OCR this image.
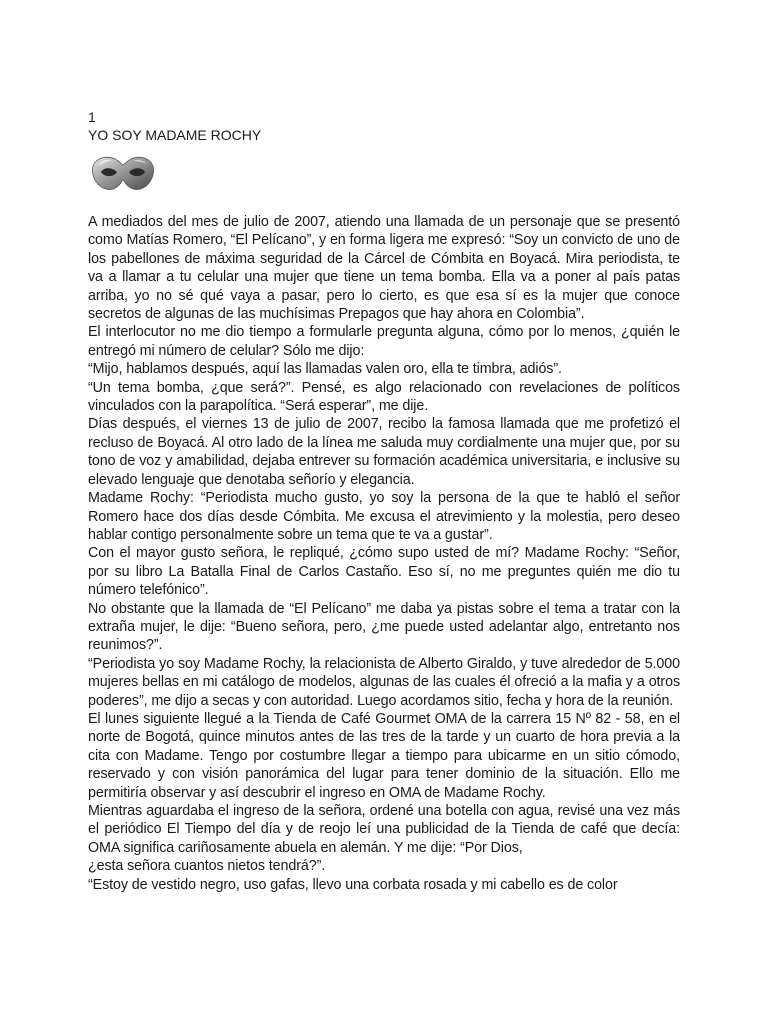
1
YO SOY MADAME ROCHY

A mediados del mes de julio de 2007, atiendo una llamada de un personaje que se presentó como Matías Romero, “El Pelícano”, y en forma ligera me expresó: “Soy un convicto de uno de los pabellones de máxima seguridad de la Cárcel de Cómbita en Boyacá. Mira periodista, te va a llamar a tu celular una mujer que tiene un tema bomba. Ella va a poner al país patas arriba, yo no sé qué vaya a pasar, pero lo cierto, es que esa sí es la mujer que conoce secretos de algunas de las muchísimas Prepagos que hay ahora en Colombia”.

El interlocutor no me dio tiempo a formularle pregunta alguna, cómo por lo menos, ¿quién le entregó mi número de celular? Sólo me dijo:

“Mijo, hablamos después, aquí las llamadas valen oro, ella te timbra, adiós”.

“Un tema bomba, ¿que será?”. Pensé, es algo relacionado con revelaciones de políticos vinculados con la parapolítica. “Será esperar”, me dije.

Días después, el viernes 13 de julio de 2007, recibo la famosa llamada que me profetizó el recluso de Boyacá. Al otro lado de la línea me saluda muy cordialmente una mujer que, por su tono de voz y amabilidad, dejaba entrever su formación académica universitaria, e inclusive su elevado lenguaje que denotaba señorío y elegancia.

Madame Rochy: “Periodista mucho gusto, yo soy la persona de la que te habló el señor Romero hace dos días desde Cómbita. Me excusa el atrevimiento y la molestia, pero deseo hablar contigo personalmente sobre un tema que te va a gustar”.

Con el mayor gusto señora, le repliqué, ¿cómo supo usted de mí? Madame Rochy: “Señor, por su libro La Batalla Final de Carlos Castaño. Eso sí, no me preguntes quién me dio tu número telefónico”.

No obstante que la llamada de “El Pelícano” me daba ya pistas sobre el tema a tratar con la extraña mujer, le dije: “Bueno señora, pero, ¿me puede usted adelantar algo, entretanto nos reunimos?”.

“Periodista yo soy Madame Rochy, la relacionista de Alberto Giraldo, y tuve alrededor de 5.000 mujeres bellas en mi catálogo de modelos, algunas de las cuales él ofreció a la mafia y a otros poderes”, me dijo a secas y con autoridad. Luego acordamos sitio, fecha y hora de la reunión.

El lunes siguiente llegué a la Tienda de Café Gourmet OMA de la carrera 15 Nº 82 - 58, en el norte de Bogotá, quince minutos antes de las tres de la tarde y un cuarto de hora previa a la cita con Madame. Tengo por costumbre llegar a tiempo para ubicarme en un sitio cómodo, reservado y con visión panorámica del lugar para tener dominio de la situación. Ello me permitiría observar y así descubrir el ingreso en OMA de Madame Rochy.

Mientras aguardaba el ingreso de la señora, ordené una botella con agua, revisé una vez más el periódico El Tiempo del día y de reojo leí una publicidad de la Tienda de café que decía: OMA significa cariñosamente abuela en alemán. Y me dije: “Por Dios,

¿esta señora cuantos nietos tendrá?”.

“Estoy de vestido negro, uso gafas, llevo una corbata rosada y mi cabello es de color
